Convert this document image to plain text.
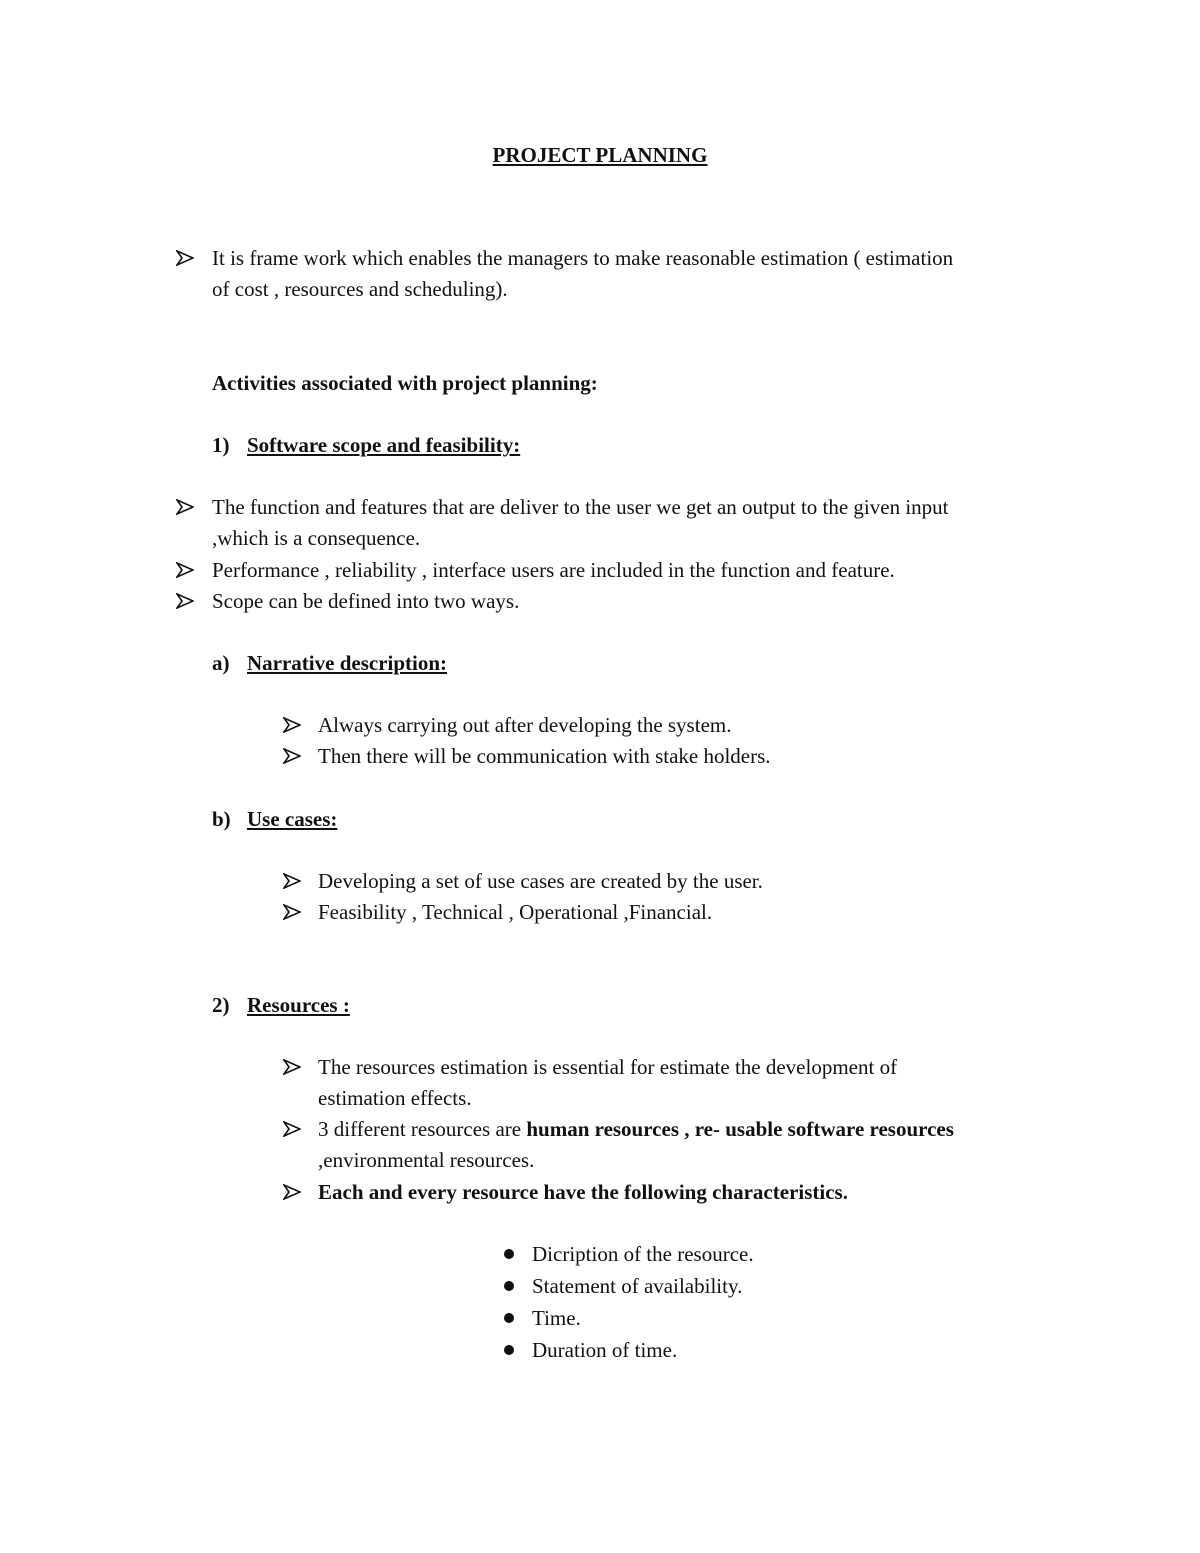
PROJECT PLANNING
It is frame work which enables the managers to make reasonable estimation ( estimation
of cost , resources and scheduling).
Activities associated with project planning:
1) Software scope and feasibility:
The function and features that are deliver to the user we get an output to the given input
,which is a consequence.
Performance , reliability , interface users are included in the function and feature.
Scope can be defined into two ways.
a) Narrative description:
Always carrying out after developing the system.
Then there will be communication with stake holders.
b) Use cases:
Developing a set of use cases are created by the user.
Feasibility , Technical , Operational ,Financial.
2) Resources :
The resources estimation is essential for estimate the development of
estimation effects.
3 different resources are human resources , re- usable software resources
,environmental resources.
Each and every resource have the following characteristics.
Dicription of the resource.
Statement of availability.
Time.
Duration of time.
